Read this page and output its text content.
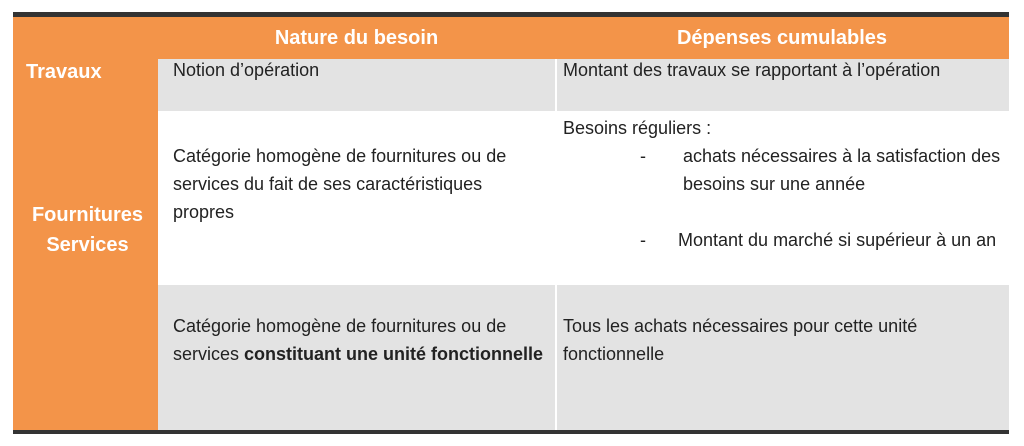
Nature du besoin	Dépenses cumulables
Travaux
Fournitures
Services
Notion d’opération	Montant des travaux se rapportant à l’opération
Catégorie homogène de fournitures ou de services du fait de ses caractéristiques propres
Besoins réguliers :
- achats nécessaires à la satisfaction des besoins sur une année
- Montant du marché si supérieur à un an
Catégorie homogène de fournitures ou de services constituant une unité fonctionnelle
Tous les achats nécessaires pour cette unité fonctionnelle
